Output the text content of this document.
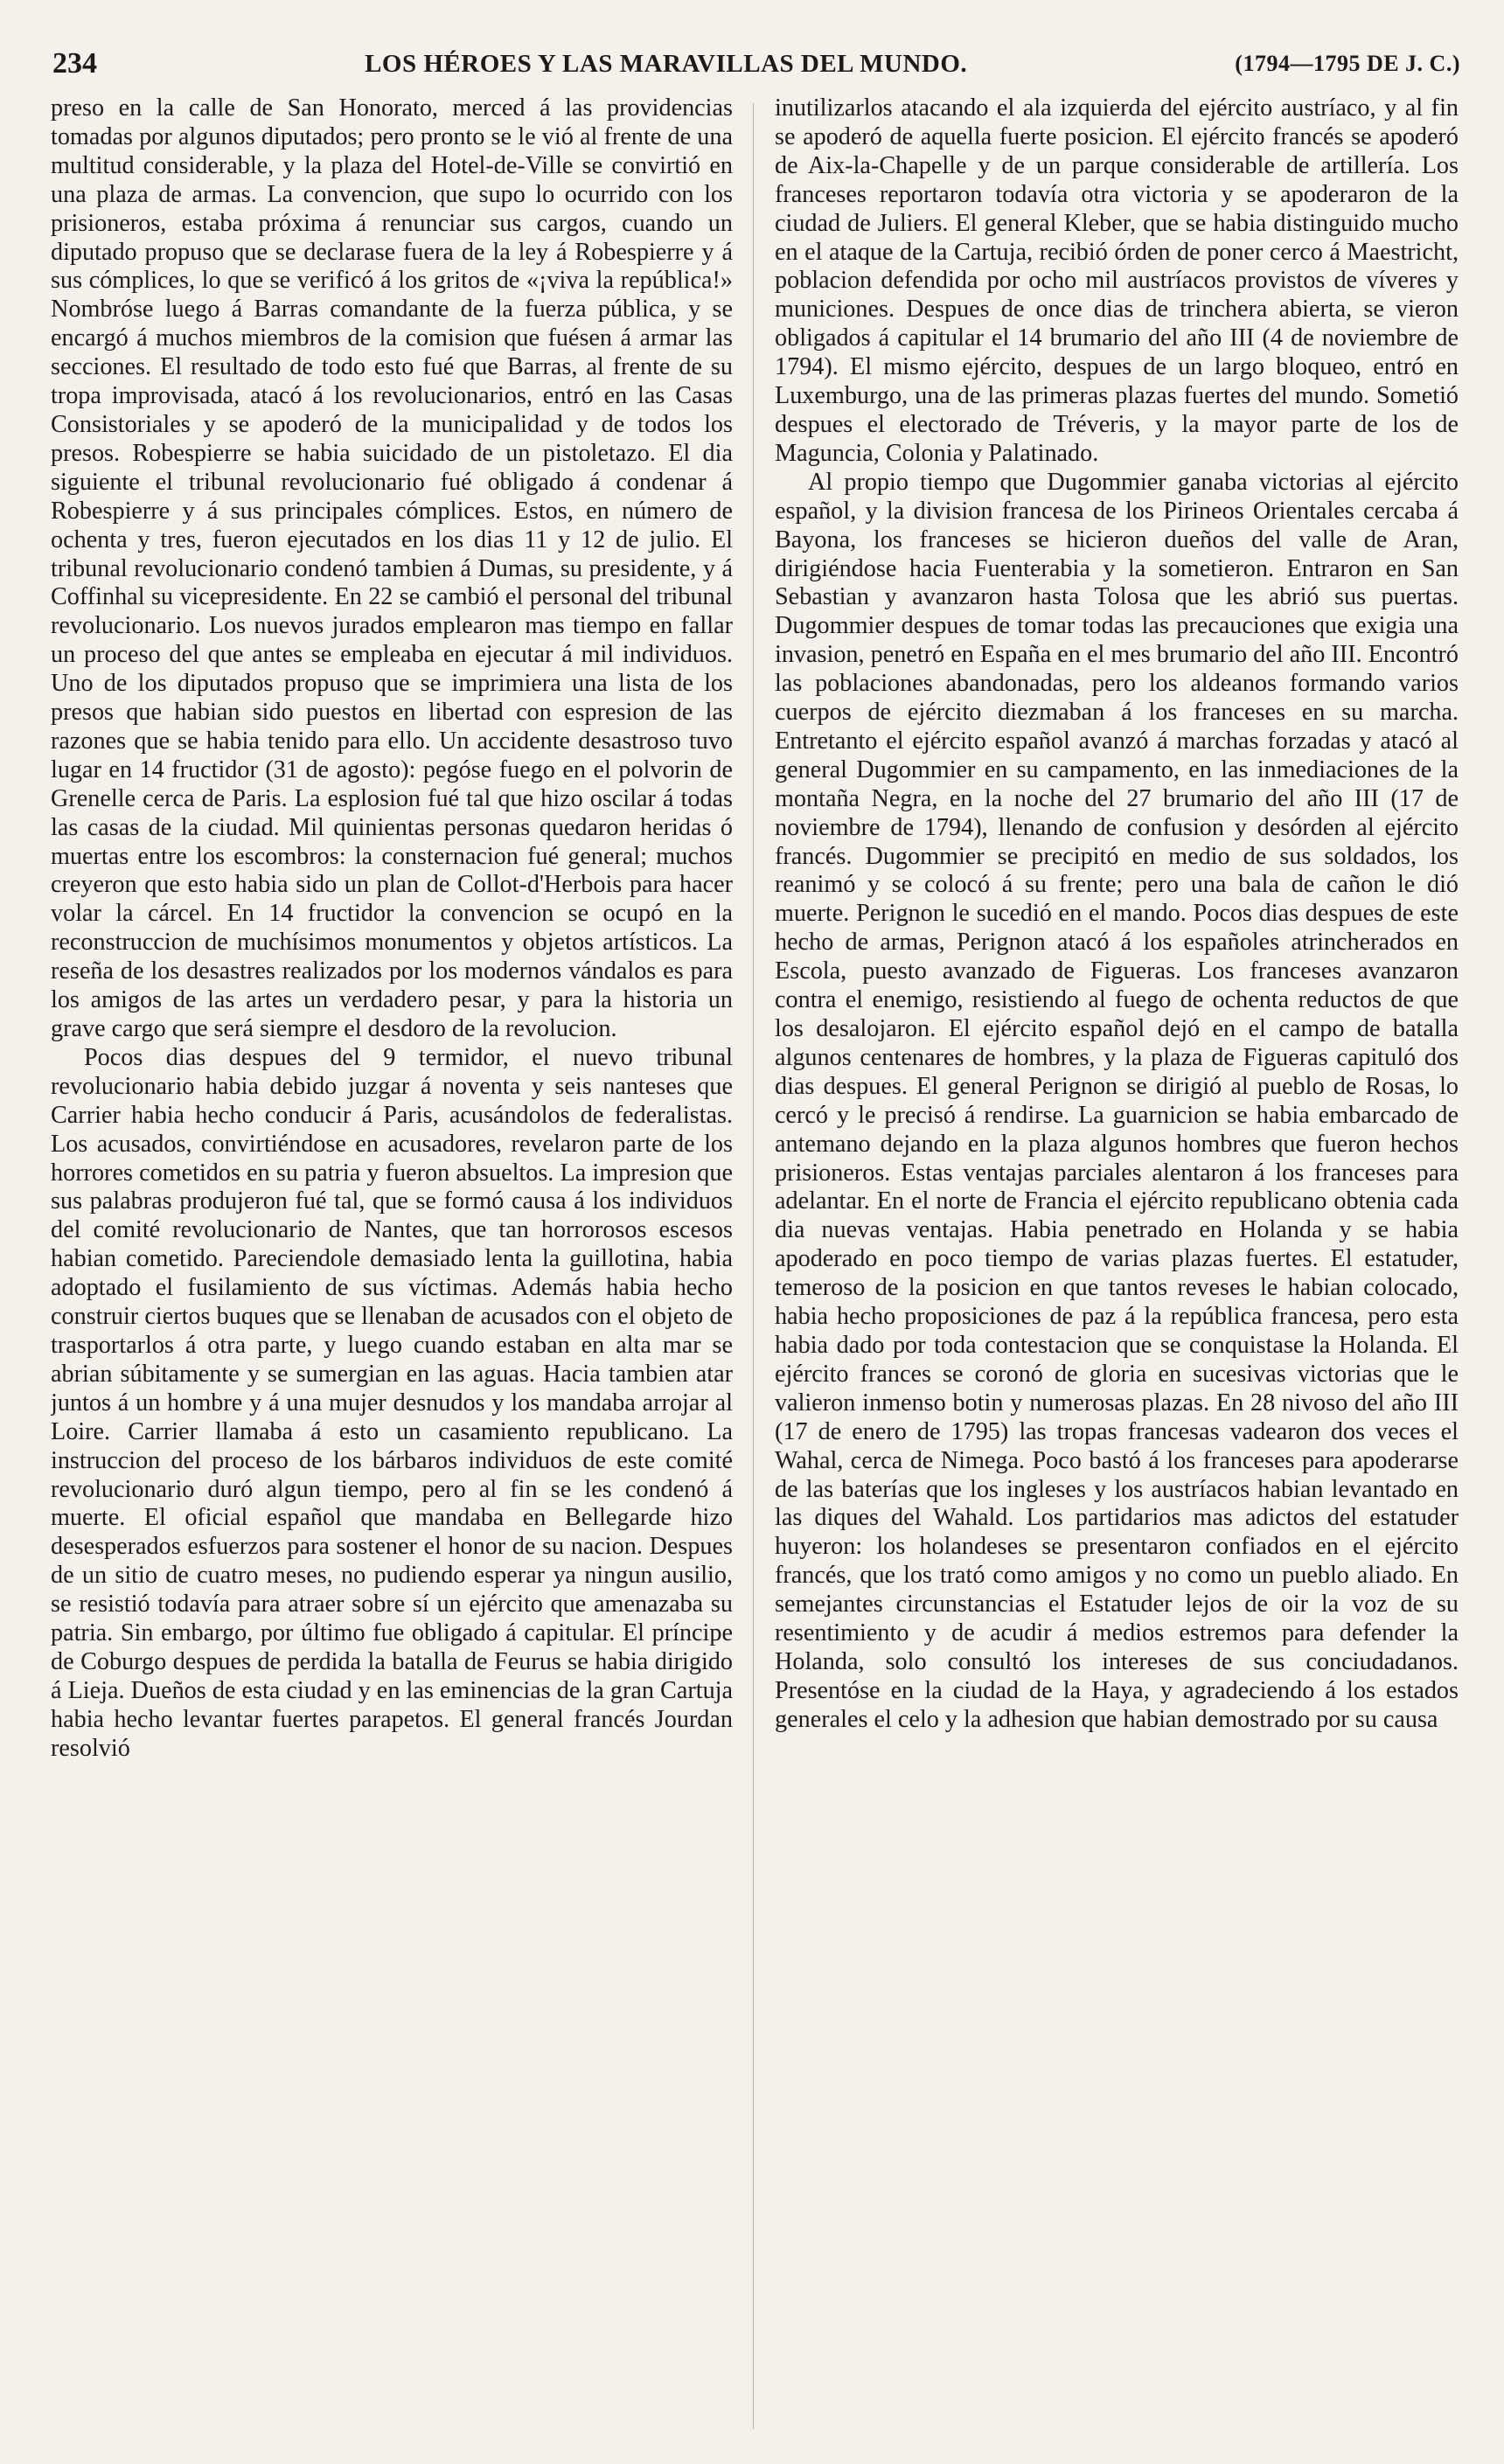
234	LOS HÉROES Y LAS MARAVILLAS DEL MUNDO.	(1794—1795 DE J. C.)

preso en la calle de San Honorato, merced á las providencias tomadas por algunos diputados; pero pronto se le vió al frente de una multitud considerable, y la plaza del Hotel-de-Ville se convirtió en una plaza de armas. La convencion, que supo lo ocurrido con los prisioneros, estaba próxima á renunciar sus cargos, cuando un diputado propuso que se declarase fuera de la ley á Robespierre y á sus cómplices, lo que se verificó á los gritos de «¡viva la república!» Nombróse luego á Barras comandante de la fuerza pública, y se encargó á muchos miembros de la comision que fuésen á armar las secciones. El resultado de todo esto fué que Barras, al frente de su tropa improvisada, atacó á los revolucionarios, entró en las Casas Consistoriales y se apoderó de la municipalidad y de todos los presos. Robespierre se habia suicidado de un pistoletazo. El dia siguiente el tribunal revolucionario fué obligado á condenar á Robespierre y á sus principales cómplices. Estos, en número de ochenta y tres, fueron ejecutados en los dias 11 y 12 de julio. El tribunal revolucionario condenó tambien á Dumas, su presidente, y á Coffinhal su vicepresidente. En 22 se cambió el personal del tribunal revolucionario. Los nuevos jurados emplearon mas tiempo en fallar un proceso del que antes se empleaba en ejecutar á mil individuos. Uno de los diputados propuso que se imprimiera una lista de los presos que habian sido puestos en libertad con espresion de las razones que se habia tenido para ello. Un accidente desastroso tuvo lugar en 14 fructidor (31 de agosto): pegóse fuego en el polvorin de Grenelle cerca de Paris. La esplosion fué tal que hizo oscilar á todas las casas de la ciudad. Mil quinientas personas quedaron heridas ó muertas entre los escombros: la consternacion fué general; muchos creyeron que esto habia sido un plan de Collot-d'Herbois para hacer volar la cárcel. En 14 fructidor la convencion se ocupó en la reconstruccion de muchísimos monumentos y objetos artísticos. La reseña de los desastres realizados por los modernos vándalos es para los amigos de las artes un verdadero pesar, y para la historia un grave cargo que será siempre el desdoro de la revolucion.

Pocos dias despues del 9 termidor, el nuevo tribunal revolucionario habia debido juzgar á noventa y seis nanteses que Carrier habia hecho conducir á Paris, acusándolos de federalistas. Los acusados, convirtiéndose en acusadores, revelaron parte de los horrores cometidos en su patria y fueron absueltos. La impresion que sus palabras produjeron fué tal, que se formó causa á los individuos del comité revolucionario de Nantes, que tan horrorosos escesos habian cometido. Pareciendole demasiado lenta la guillotina, habia adoptado el fusilamiento de sus víctimas. Además habia hecho construir ciertos buques que se llenaban de acusados con el objeto de trasportarlos á otra parte, y luego cuando estaban en alta mar se abrian súbitamente y se sumergian en las aguas. Hacia tambien atar juntos á un hombre y á una mujer desnudos y los mandaba arrojar al Loire. Carrier llamaba á esto un casamiento republicano. La instruccion del proceso de los bárbaros individuos de este comité revolucionario duró algun tiempo, pero al fin se les condenó á muerte. El oficial español que mandaba en Bellegarde hizo desesperados esfuerzos para sostener el honor de su nacion. Despues de un sitio de cuatro meses, no pudiendo esperar ya ningun ausilio, se resistió todavía para atraer sobre sí un ejército que amenazaba su patria. Sin embargo, por último fue obligado á capitular. El príncipe de Coburgo despues de perdida la batalla de Feurus se habia dirigido á Lieja. Dueños de esta ciudad y en las eminencias de la gran Cartuja habia hecho levantar fuertes parapetos. El general francés Jourdan resolvió

inutilizarlos atacando el ala izquierda del ejército austríaco, y al fin se apoderó de aquella fuerte posicion. El ejército francés se apoderó de Aix-la-Chapelle y de un parque considerable de artillería. Los franceses reportaron todavía otra victoria y se apoderaron de la ciudad de Juliers. El general Kleber, que se habia distinguido mucho en el ataque de la Cartuja, recibió órden de poner cerco á Maestricht, poblacion defendida por ocho mil austríacos provistos de víveres y municiones. Despues de once dias de trinchera abierta, se vieron obligados á capitular el 14 brumario del año III (4 de noviembre de 1794). El mismo ejército, despues de un largo bloqueo, entró en Luxemburgo, una de las primeras plazas fuertes del mundo. Sometió despues el electorado de Tréveris, y la mayor parte de los de Maguncia, Colonia y Palatinado.

Al propio tiempo que Dugommier ganaba victorias al ejército español, y la division francesa de los Pirineos Orientales cercaba á Bayona, los franceses se hicieron dueños del valle de Aran, dirigiéndose hacia Fuenterabia y la sometieron. Entraron en San Sebastian y avanzaron hasta Tolosa que les abrió sus puertas. Dugommier despues de tomar todas las precauciones que exigia una invasion, penetró en España en el mes brumario del año III. Encontró las poblaciones abandonadas, pero los aldeanos formando varios cuerpos de ejército diezmaban á los franceses en su marcha. Entretanto el ejército español avanzó á marchas forzadas y atacó al general Dugommier en su campamento, en las inmediaciones de la montaña Negra, en la noche del 27 brumario del año III (17 de noviembre de 1794), llenando de confusion y desórden al ejército francés. Dugommier se precipitó en medio de sus soldados, los reanimó y se colocó á su frente; pero una bala de cañon le dió muerte. Perignon le sucedió en el mando. Pocos dias despues de este hecho de armas, Perignon atacó á los españoles atrincherados en Escola, puesto avanzado de Figueras. Los franceses avanzaron contra el enemigo, resistiendo al fuego de ochenta reductos de que los desalojaron. El ejército español dejó en el campo de batalla algunos centenares de hombres, y la plaza de Figueras capituló dos dias despues. El general Perignon se dirigió al pueblo de Rosas, lo cercó y le precisó á rendirse. La guarnicion se habia embarcado de antemano dejando en la plaza algunos hombres que fueron hechos prisioneros. Estas ventajas parciales alentaron á los franceses para adelantar. En el norte de Francia el ejército republicano obtenia cada dia nuevas ventajas. Habia penetrado en Holanda y se habia apoderado en poco tiempo de varias plazas fuertes. El estatuder, temeroso de la posicion en que tantos reveses le habian colocado, habia hecho proposiciones de paz á la república francesa, pero esta habia dado por toda contestacion que se conquistase la Holanda. El ejército frances se coronó de gloria en sucesivas victorias que le valieron inmenso botin y numerosas plazas. En 28 nivoso del año III (17 de enero de 1795) las tropas francesas vadearon dos veces el Wahal, cerca de Nimega. Poco bastó á los franceses para apoderarse de las baterías que los ingleses y los austríacos habian levantado en las diques del Wahald. Los partidarios mas adictos del estatuder huyeron: los holandeses se presentaron confiados en el ejército francés, que los trató como amigos y no como un pueblo aliado. En semejantes circunstancias el Estatuder lejos de oir la voz de su resentimiento y de acudir á medios estremos para defender la Holanda, solo consultó los intereses de sus conciudadanos. Presentóse en la ciudad de la Haya, y agradeciendo á los estados generales el celo y la adhesion que habian demostrado por su causa
